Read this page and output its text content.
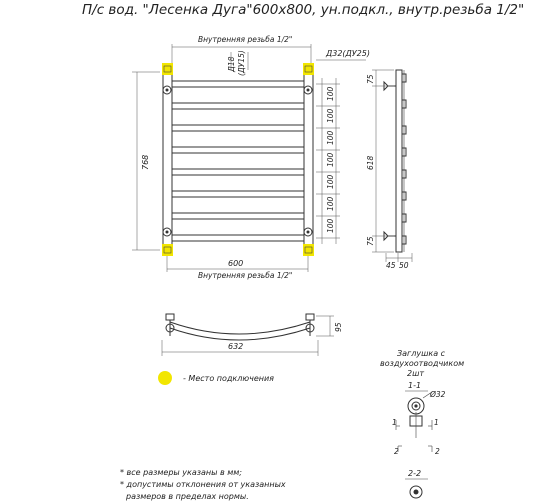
П/с вод. "Лесенка Дуга"600x800, ун.подкл., внутр.резьба 1/2"
Внутренняя резьба 1/2"
Д18 (ДУ15)	Д32(ДУ25)
768
100
100
100
100
100
100
100
600
Внутренняя резьба 1/2"
75
618
75
45 50
95
632
- Место подключения
Заглушка с
воздухоотводчиком
2шт
1-1
Ø32
1	1
2	2
2-2
* все размеры указаны в мм;
* допустимы отклонения от указанных
размеров в пределах нормы.
